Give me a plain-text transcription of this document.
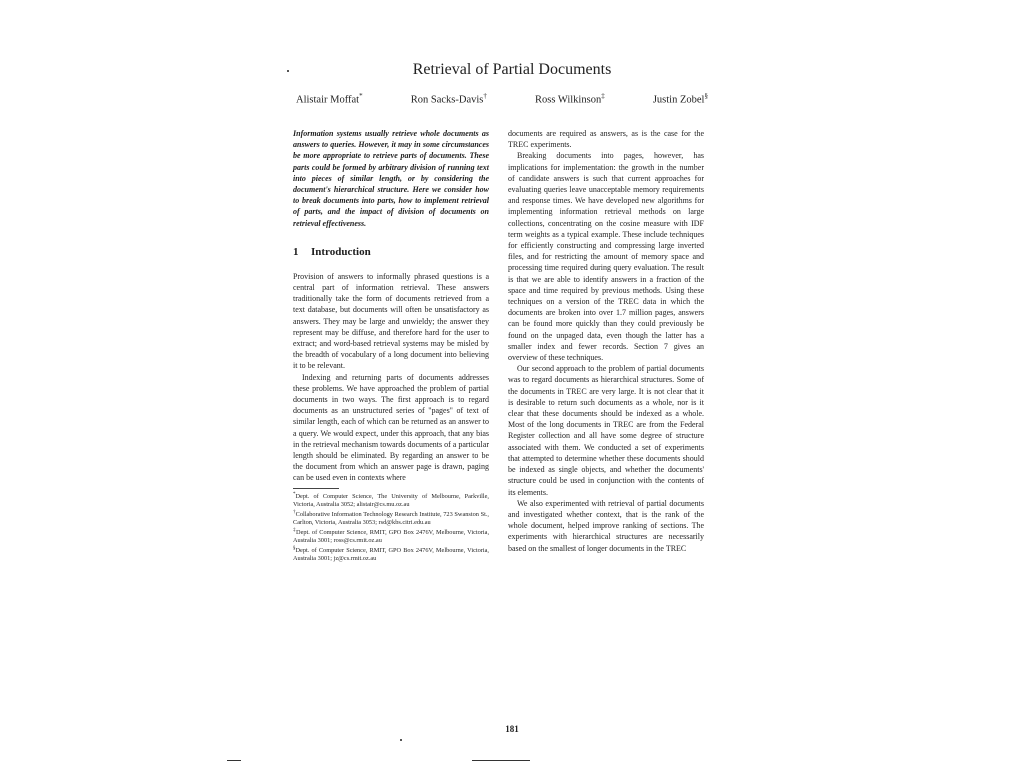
Retrieval of Partial Documents
Alistair Moffat*	Ron Sacks-Davis†	Ross Wilkinson‡	Justin Zobel§

Information systems usually retrieve whole documents as answers to queries. However, it may in some circumstances be more appropriate to retrieve parts of documents. These parts could be formed by arbitrary division of running text into pieces of similar length, or by considering the document's hierarchical structure. Here we consider how to break documents into parts, how to implement retrieval of parts, and the impact of division of documents on retrieval effectiveness.

1 Introduction

Provision of answers to informally phrased questions is a central part of information retrieval. These answers traditionally take the form of documents retrieved from a text database, but documents will often be unsatisfactory as answers. They may be large and unwieldy; the answer they represent may be diffuse, and therefore hard for the user to extract; and word-based retrieval systems may be misled by the breadth of vocabulary of a long document into believing it to be relevant.

Indexing and returning parts of documents addresses these problems. We have approached the problem of partial documents in two ways. The first approach is to regard documents as an unstructured series of "pages" of text of similar length, each of which can be returned as an answer to a query. We would expect, under this approach, that any bias in the retrieval mechanism towards documents of a particular length should be eliminated. By regarding an answer to be the document from which an answer page is drawn, paging can be used even in contexts where

*Dept. of Computer Science, The University of Melbourne, Parkville, Victoria, Australia 3052; alistair@cs.mu.oz.au
†Collaborative Information Technology Research Institute, 723 Swanston St., Carlton, Victoria, Australia 3053; rsd@kbs.citri.edu.au
‡Dept. of Computer Science, RMIT, GPO Box 2476V, Melbourne, Victoria, Australia 3001; ross@cs.rmit.oz.au
§Dept. of Computer Science, RMIT, GPO Box 2476V, Melbourne, Victoria, Australia 3001; jz@cs.rmit.oz.au

documents are required as answers, as is the case for the TREC experiments.

Breaking documents into pages, however, has implications for implementation: the growth in the number of candidate answers is such that current approaches for evaluating queries leave unacceptable memory requirements and response times. We have developed new algorithms for implementing information retrieval methods on large collections, concentrating on the cosine measure with IDF term weights as a typical example. These include techniques for efficiently constructing and compressing large inverted files, and for restricting the amount of memory space and processing time required during query evaluation. The result is that we are able to identify answers in a fraction of the space and time required by previous methods. Using these techniques on a version of the TREC data in which the documents are broken into over 1.7 million pages, answers can be found more quickly than they could previously be found on the unpaged data, even though the latter has a smaller index and fewer records. Section 7 gives an overview of these techniques.

Our second approach to the problem of partial documents was to regard documents as hierarchical structures. Some of the documents in TREC are very large. It is not clear that it is desirable to return such documents as a whole, nor is it clear that these documents should be indexed as a whole. Most of the long documents in TREC are from the Federal Register collection and all have some degree of structure associated with them. We conducted a set of experiments that attempted to determine whether these documents should be indexed as single objects, and whether the documents' structure could be used in conjunction with the contents of its elements.

We also experimented with retrieval of partial documents and investigated whether context, that is the rank of the whole document, helped improve ranking of sections. The experiments with hierarchical structures are necessarily based on the smallest of longer documents in the TREC

181
